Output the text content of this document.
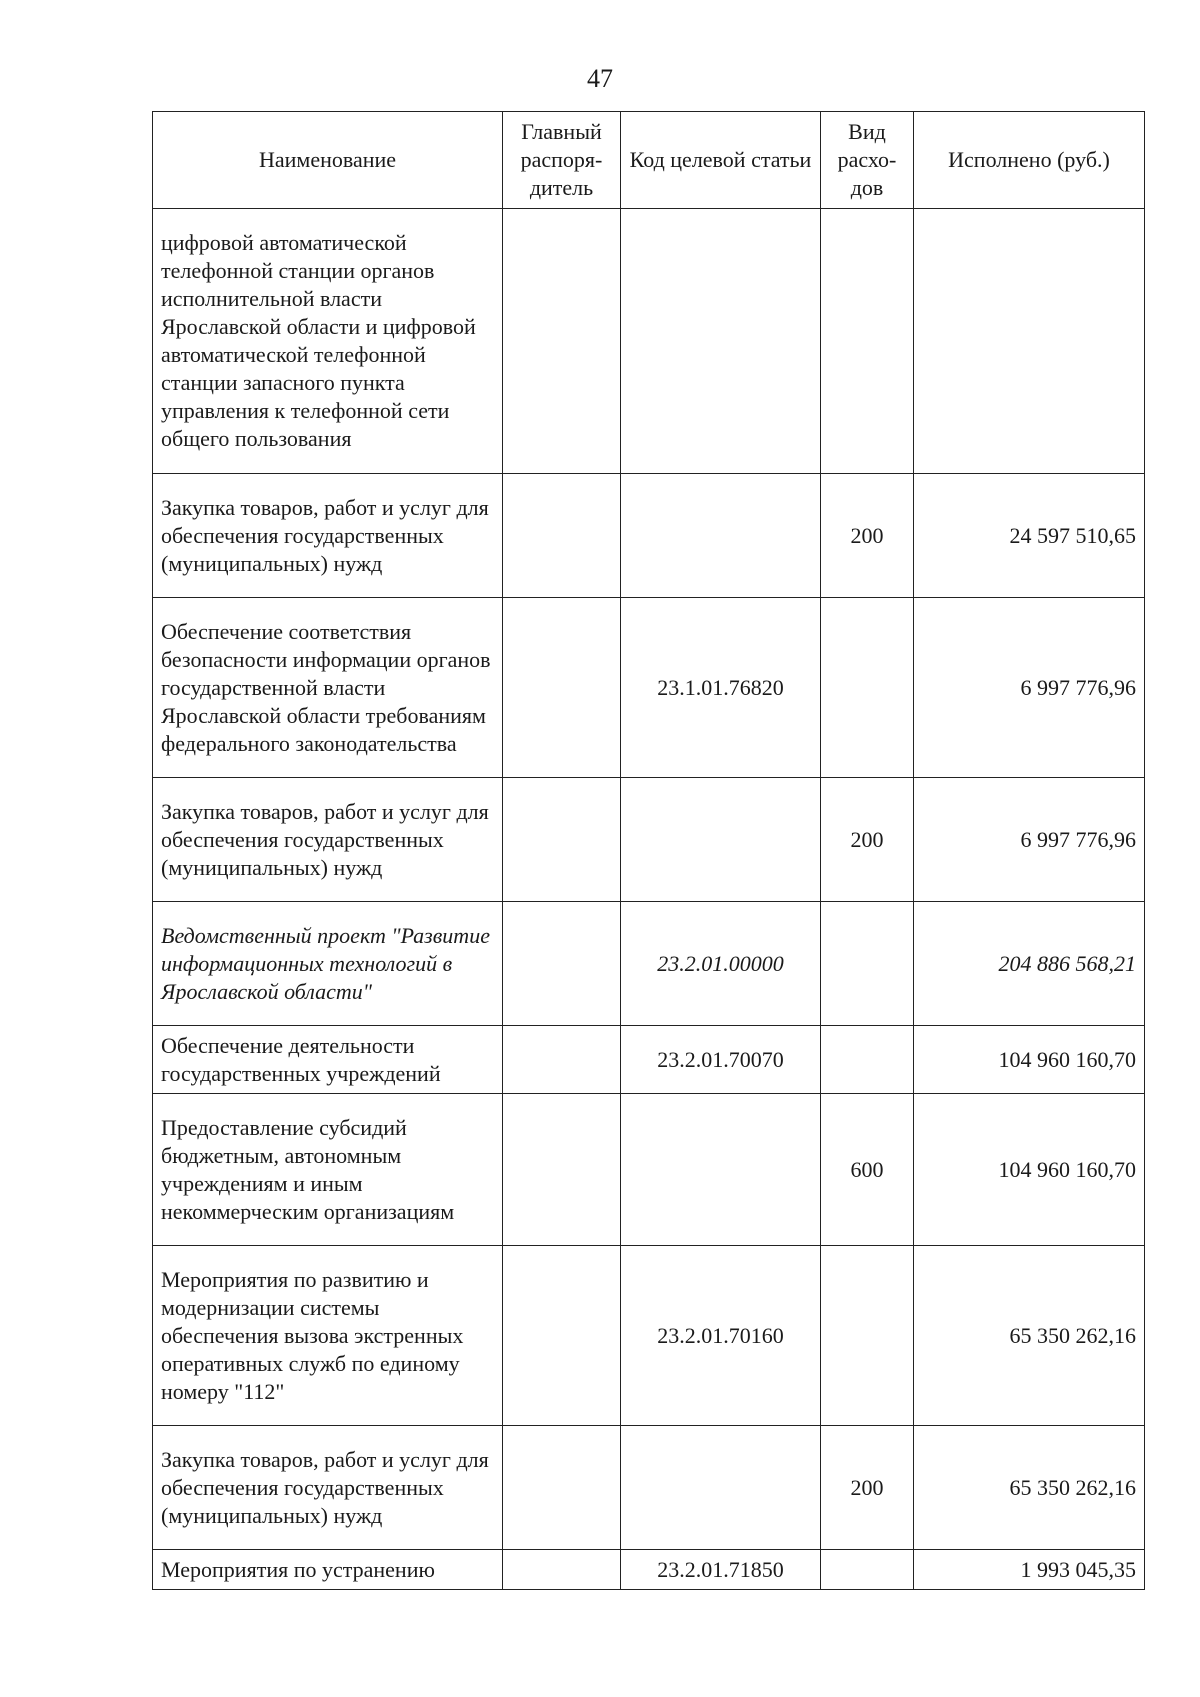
47
Наименование	Главный распоря-дитель	Код целевой статьи	Вид расхо-дов	Исполнено (руб.)
цифровой автоматической телефонной станции органов исполнительной власти Ярославской области и цифровой автоматической телефонной станции запасного пункта управления к телефонной сети общего пользования				
Закупка товаров, работ и услуг для обеспечения государственных (муниципальных) нужд			200	24 597 510,65
Обеспечение соответствия безопасности информации органов государственной власти Ярославской области требованиям федерального законодательства		23.1.01.76820		6 997 776,96
Закупка товаров, работ и услуг для обеспечения государственных (муниципальных) нужд			200	6 997 776,96
Ведомственный проект "Развитие информационных технологий в Ярославской области"		23.2.01.00000		204 886 568,21
Обеспечение деятельности государственных учреждений		23.2.01.70070		104 960 160,70
Предоставление субсидий бюджетным, автономным учреждениям и иным некоммерческим организациям			600	104 960 160,70
Мероприятия по развитию и модернизации системы обеспечения вызова экстренных оперативных служб по единому номеру "112"		23.2.01.70160		65 350 262,16
Закупка товаров, работ и услуг для обеспечения государственных (муниципальных) нужд			200	65 350 262,16
Мероприятия по устранению		23.2.01.71850		1 993 045,35
